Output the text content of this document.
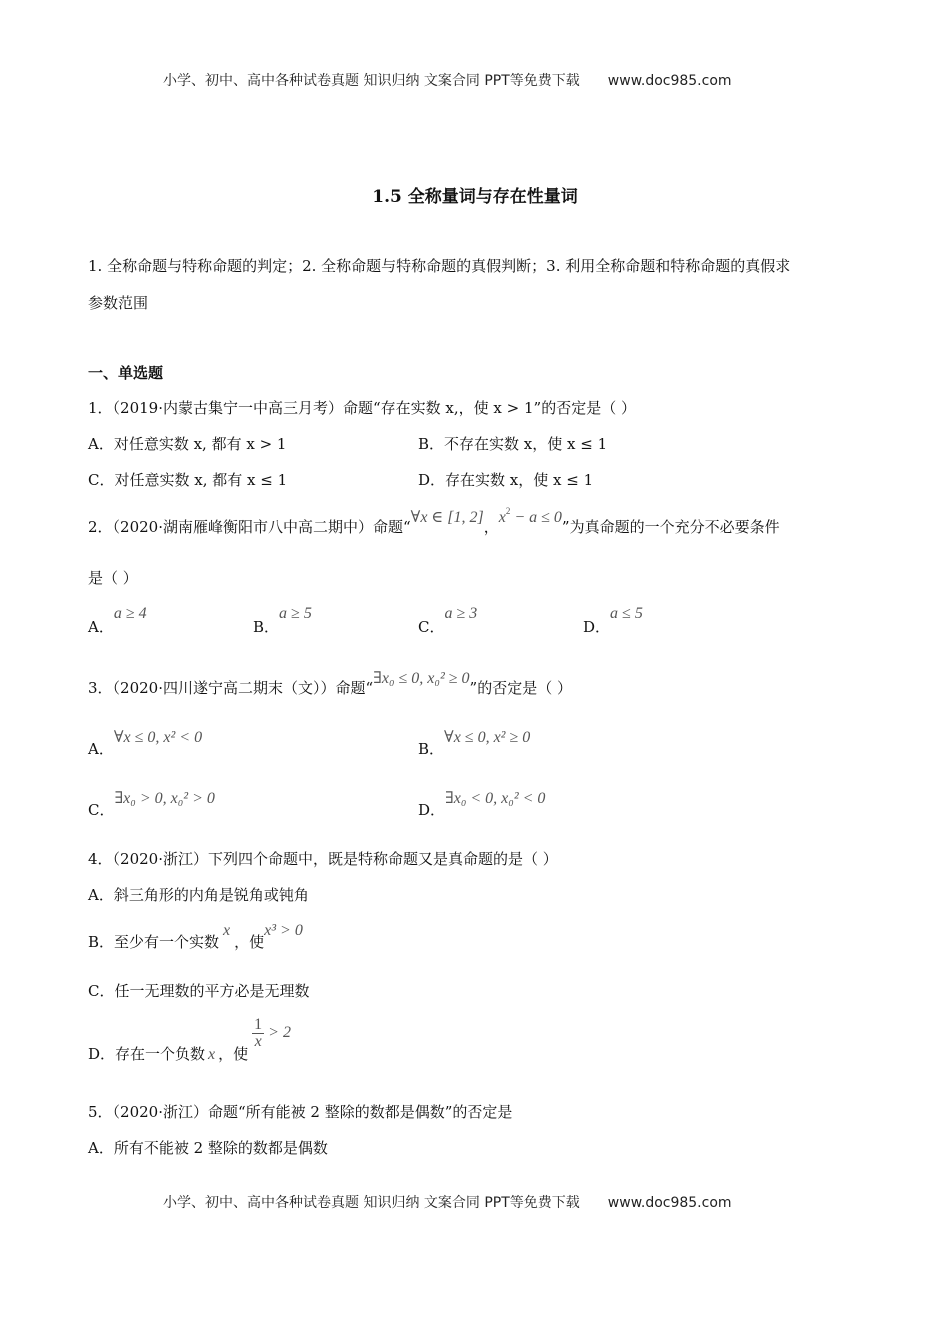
小学、初中、高中各种试卷真题 知识归纳 文案合同 PPT等免费下载 www.doc985.com
1.5 全称量词与存在性量词
1. 全称命题与特称命题的判定；2. 全称命题与特称命题的真假判断；3. 利用全称命题和特称命题的真假求
参数范围
一、单选题
1．（2019·内蒙古集宁一中高三月考）命题“存在实数 x,，使 x > 1”的否定是（ ）
A．对任意实数 x, 都有 x > 1	B．不存在实数 x，使 x ≤ 1
C．对任意实数 x, 都有 x ≤ 1	D．存在实数 x，使 x ≤ 1
2．（2020·湖南雁峰衡阳市八中高二期中）命题“∀x ∈ [1, 2]，$x^2 - a \le 0$”为真命题的一个充分不必要条件
是（ ）
A．a ≥ 4
B．a ≥ 5
C．a ≥ 3
D．a ≤ 5
3．（2020·四川遂宁高二期末（文））命题“∃x₀ ≤ 0, x₀² ≥ 0”的否定是（ ）
A．∀x ≤ 0, x² < 0
B．∀x ≤ 0, x² ≥ 0
C．∃x₀ > 0, x₀² > 0
D．∃x₀ < 0, x₀² < 0
4．（2020·浙江）下列四个命题中，既是特称命题又是真命题的是（ ）
A．斜三角形的内角是锐角或钝角
B．至少有一个实数x，使x³ > 0
C．任一无理数的平方必是无理数
D．存在一个负数 x ，使
$\frac{1}{x} > 2$
5．（2020·浙江）命题“所有能被 2 整除的数都是偶数”的否定是
A．所有不能被 2 整除的数都是偶数
小学、初中、高中各种试卷真题 知识归纳 文案合同 PPT等免费下载 www.doc985.com
